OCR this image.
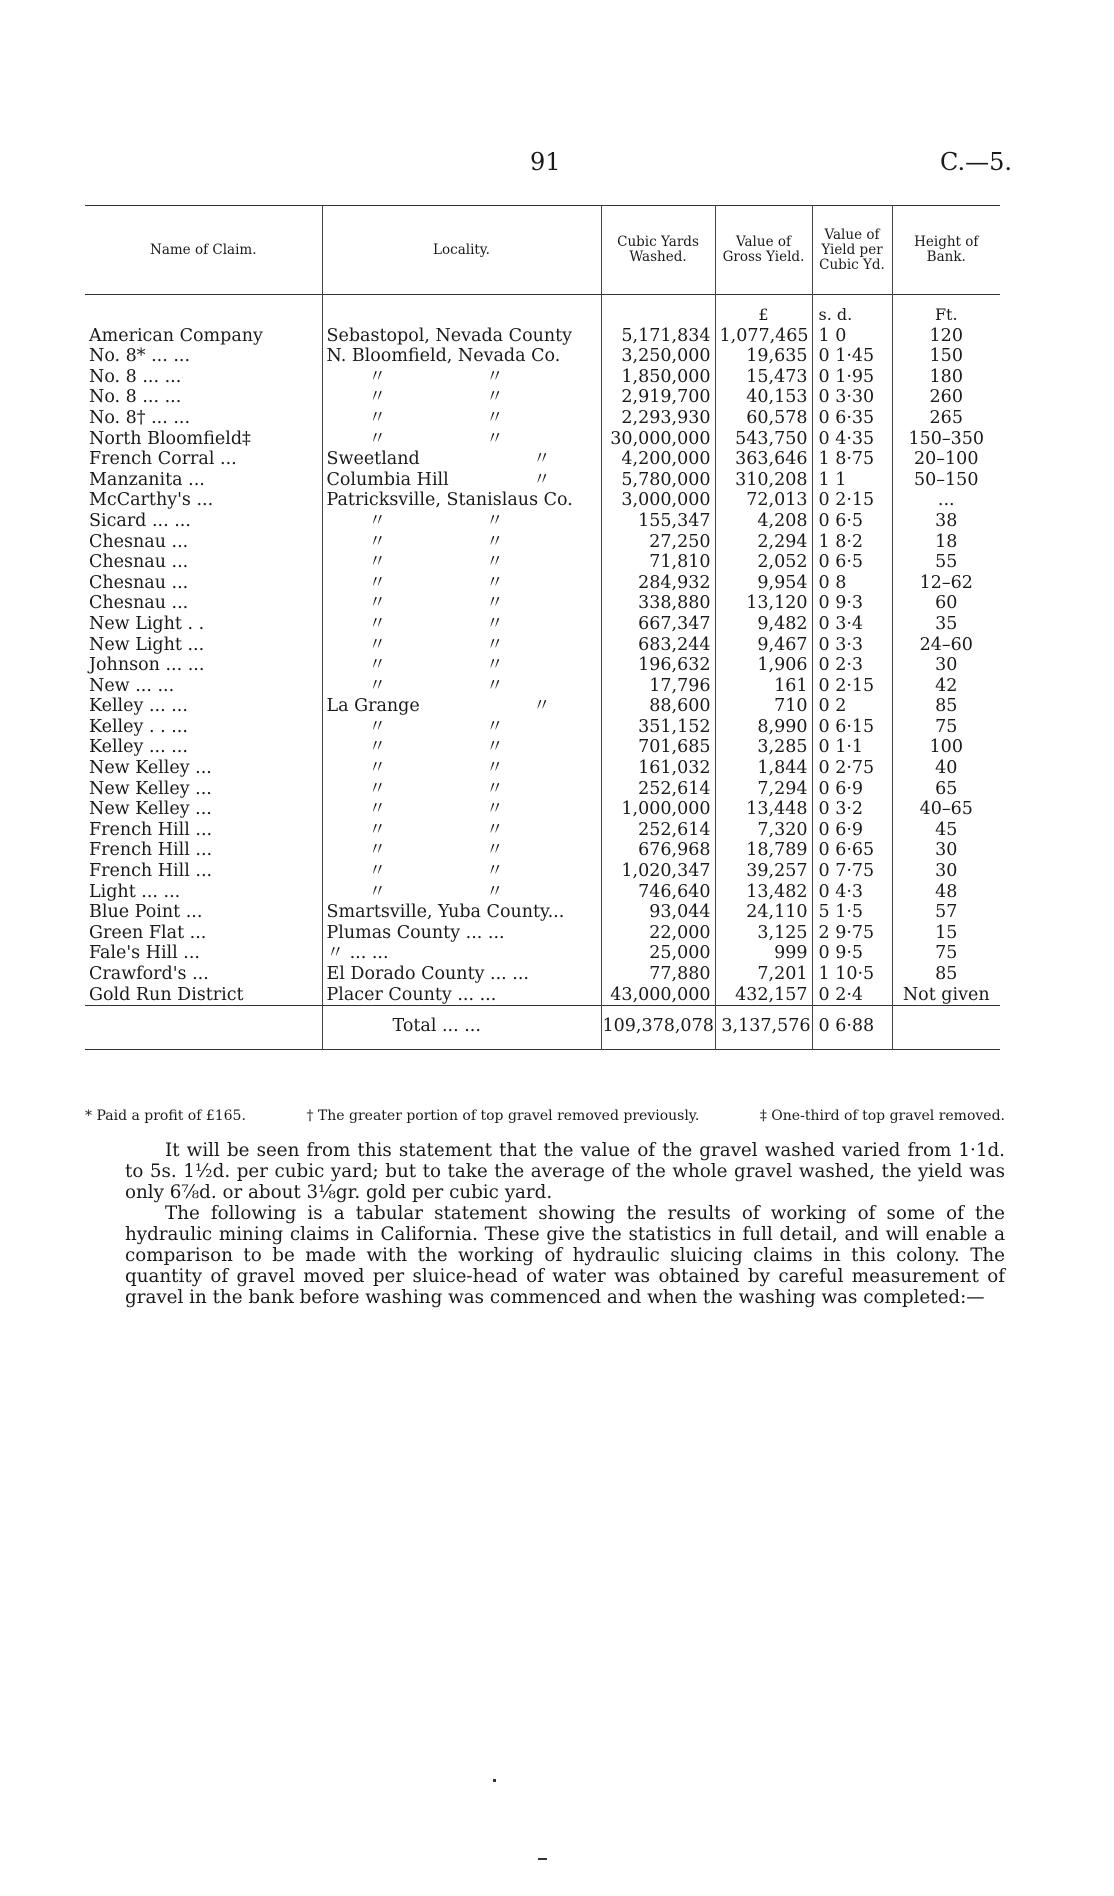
91	C.—5.
Name of Claim.	Locality.	Cubic Yards Washed.	Value of Gross Yield.	Value of Yield per Cubic Yd.	Height of Bank.
			£	s. d.	Ft.
American Company	Sebastopol, Nevada County	5,171,834	1,077,465	1 0	120
No. 8* ... ...	N. Bloomfield, Nevada Co.	3,250,000	19,635	0 1·45	150
No. 8 ... ...	〃 〃	1,850,000	15,473	0 1·95	180
No. 8 ... ...	〃 〃	2,919,700	40,153	0 3·30	260
No. 8† ... ...	〃 〃	2,293,930	60,578	0 6·35	265
North Bloomfield‡	〃 〃	30,000,000	543,750	0 4·35	150–350
French Corral ...	Sweetland 〃	4,200,000	363,646	1 8·75	20–100
Manzanita ...	Columbia Hill 〃	5,780,000	310,208	1 1	50–150
McCarthy's ...	Patricksville, Stanislaus Co.	3,000,000	72,013	0 2·15	...
Sicard ... ...	〃 〃	155,347	4,208	0 6·5	38
Chesnau ...	〃 〃	27,250	2,294	1 8·2	18
Chesnau ...	〃 〃	71,810	2,052	0 6·5	55
Chesnau ...	〃 〃	284,932	9,954	0 8	12–62
Chesnau ...	〃 〃	338,880	13,120	0 9·3	60
New Light . .	〃 〃	667,347	9,482	0 3·4	35
New Light ...	〃 〃	683,244	9,467	0 3·3	24–60
Johnson ... ...	〃 〃	196,632	1,906	0 2·3	30
New ... ...	〃 〃	17,796	161	0 2·15	42
Kelley ... ...	La Grange 〃	88,600	710	0 2	85
Kelley . . ...	〃 〃	351,152	8,990	0 6·15	75
Kelley ... ...	〃 〃	701,685	3,285	0 1·1	100
New Kelley ...	〃 〃	161,032	1,844	0 2·75	40
New Kelley ...	〃 〃	252,614	7,294	0 6·9	65
New Kelley ...	〃 〃	1,000,000	13,448	0 3·2	40–65
French Hill ...	〃 〃	252,614	7,320	0 6·9	45
French Hill ...	〃 〃	676,968	18,789	0 6·65	30
French Hill ...	〃 〃	1,020,347	39,257	0 7·75	30
Light ... ...	〃 〃	746,640	13,482	0 4·3	48
Blue Point ...	Smartsville, Yuba County...	93,044	24,110	5 1·5	57
Green Flat ...	Plumas County ... ...	22,000	3,125	2 9·75	15
Fale's Hill ...	〃 ... ...	25,000	999	0 9·5	75
Crawford's ...	El Dorado County ... ...	77,880	7,201	1 10·5	85
Gold Run District	Placer County ... ...	43,000,000	432,157	0 2·4	Not given
	Total ... ...	109,378,078	3,137,576	0 6·88	
* Paid a profit of £165.	† The greater portion of top gravel removed previously.	‡ One-third of top gravel removed.

It will be seen from this statement that the value of the gravel washed varied from 1·1d. to 5s. 1½d. per cubic yard; but to take the average of the whole gravel washed, the yield was only 6⅞d. or about 3⅛gr. gold per cubic yard.

The following is a tabular statement showing the results of working of some of the hydraulic mining claims in California. These give the statistics in full detail, and will enable a comparison to be made with the working of hydraulic sluicing claims in this colony. The quantity of gravel moved per sluice-head of water was obtained by careful measurement of gravel in the bank before washing was commenced and when the washing was completed:—
